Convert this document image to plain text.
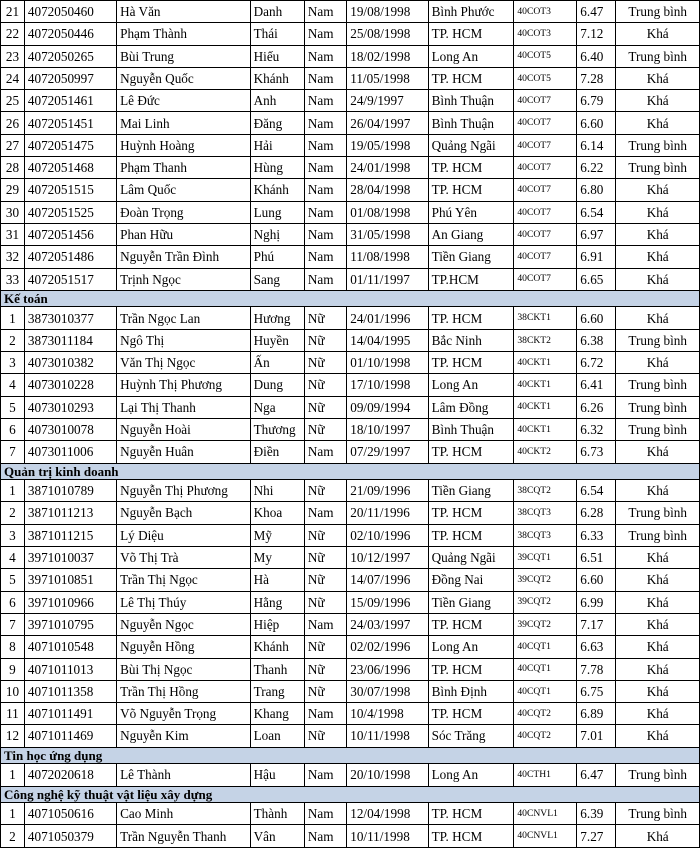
21	4072050460	Hà Văn	Danh	Nam	19/08/1998	Bình Phước	40COT3	6.47	Trung bình
22	4072050446	Phạm Thành	Thái	Nam	25/08/1998	TP. HCM	40COT3	7.12	Khá
23	4072050265	Bùi Trung	Hiếu	Nam	18/02/1998	Long An	40COT5	6.40	Trung bình
24	4072050997	Nguyễn Quốc	Khánh	Nam	11/05/1998	TP. HCM	40COT5	7.28	Khá
25	4072051461	Lê Đức	Anh	Nam	24/9/1997	Bình Thuận	40COT7	6.79	Khá
26	4072051451	Mai Linh	Đăng	Nam	26/04/1997	Bình Thuận	40COT7	6.60	Khá
27	4072051475	Huỳnh Hoàng	Hải	Nam	19/05/1998	Quảng Ngãi	40COT7	6.14	Trung bình
28	4072051468	Phạm Thanh	Hùng	Nam	24/01/1998	TP. HCM	40COT7	6.22	Trung bình
29	4072051515	Lâm Quốc	Khánh	Nam	28/04/1998	TP. HCM	40COT7	6.80	Khá
30	4072051525	Đoàn Trọng	Lung	Nam	01/08/1998	Phú Yên	40COT7	6.54	Khá
31	4072051456	Phan Hữu	Nghị	Nam	31/05/1998	An Giang	40COT7	6.97	Khá
32	4072051486	Nguyễn Trần Đình	Phú	Nam	11/08/1998	Tiền Giang	40COT7	6.91	Khá
33	4072051517	Trịnh Ngọc	Sang	Nam	01/11/1997	TP.HCM	40COT7	6.65	Khá
Kế toán									
1	3873010377	Trần Ngọc Lan	Hương	Nữ	24/01/1996	TP. HCM	38CKT1	6.60	Khá
2	3873011184	Ngô Thị	Huyền	Nữ	14/04/1995	Bắc Ninh	38CKT2	6.38	Trung bình
3	4073010382	Văn Thị Ngọc	Ấn	Nữ	01/10/1998	TP. HCM	40CKT1	6.72	Khá
4	4073010228	Huỳnh Thị Phương	Dung	Nữ	17/10/1998	Long An	40CKT1	6.41	Trung bình
5	4073010293	Lại Thị Thanh	Nga	Nữ	09/09/1994	Lâm Đồng	40CKT1	6.26	Trung bình
6	4073010078	Nguyễn Hoài	Thương	Nữ	18/10/1997	Bình Thuận	40CKT1	6.32	Trung bình
7	4073011006	Nguyễn Huân	Điền	Nam	07/29/1997	TP. HCM	40CKT2	6.73	Khá
Quản trị kinh doanh									
1	3871010789	Nguyễn Thị Phương	Nhi	Nữ	21/09/1996	Tiền Giang	38CQT2	6.54	Khá
2	3871011213	Nguyễn Bạch	Khoa	Nam	20/11/1996	TP. HCM	38CQT3	6.28	Trung bình
3	3871011215	Lý Diệu	Mỹ	Nữ	02/10/1996	TP. HCM	38CQT3	6.33	Trung bình
4	3971010037	Võ Thị Trà	My	Nữ	10/12/1997	Quảng Ngãi	39CQT1	6.51	Khá
5	3971010851	Trần Thị Ngọc	Hà	Nữ	14/07/1996	Đồng Nai	39CQT2	6.60	Khá
6	3971010966	Lê Thị Thúy	Hằng	Nữ	15/09/1996	Tiền Giang	39CQT2	6.99	Khá
7	3971010795	Nguyễn Ngọc	Hiệp	Nam	24/03/1997	TP. HCM	39CQT2	7.17	Khá
8	4071010548	Nguyễn Hồng	Khánh	Nữ	02/02/1996	Long An	40CQT1	6.63	Khá
9	4071011013	Bùi Thị Ngọc	Thanh	Nữ	23/06/1996	TP. HCM	40CQT1	7.78	Khá
10	4071011358	Trần Thị Hồng	Trang	Nữ	30/07/1998	Bình Định	40CQT1	6.75	Khá
11	4071011491	Võ Nguyễn Trọng	Khang	Nam	10/4/1998	TP. HCM	40CQT2	6.89	Khá
12	4071011469	Nguyễn Kim	Loan	Nữ	10/11/1998	Sóc Trăng	40CQT2	7.01	Khá
Tin học ứng dụng									
1	4072020618	Lê Thành	Hậu	Nam	20/10/1998	Long An	40CTH1	6.47	Trung bình
Công nghệ kỹ thuật vật liệu xây dựng									
1	4071050616	Cao Minh	Thành	Nam	12/04/1998	TP. HCM	40CNVL1	6.39	Trung bình
2	4071050379	Trần Nguyễn Thanh	Vân	Nam	10/11/1998	TP. HCM	40CNVL1	7.27	Khá
